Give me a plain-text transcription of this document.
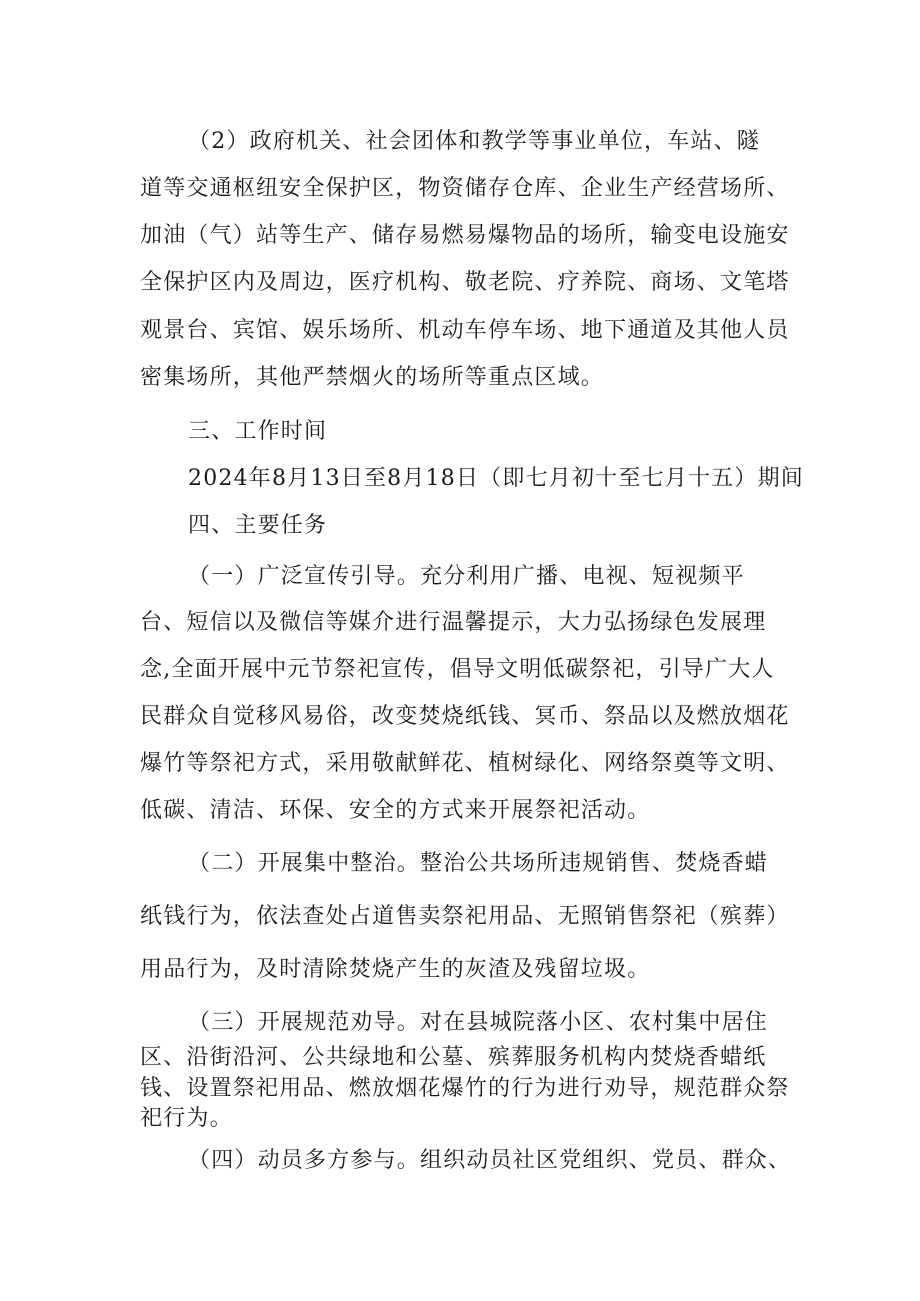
（2）政府机关、社会团体和教学等事业单位，车站、隧
道等交通枢纽安全保护区，物资储存仓库、企业生产经营场所、
加油（气）站等生产、储存易燃易爆物品的场所，输变电设施安
全保护区内及周边，医疗机构、敬老院、疗养院、商场、文笔塔
观景台、宾馆、娱乐场所、机动车停车场、地下通道及其他人员
密集场所，其他严禁烟火的场所等重点区域。
三、工作时间
2024年8月13日至8月18日（即七月初十至七月十五）期间
四、主要任务
（一）广泛宣传引导。充分利用广播、电视、短视频平
台、短信以及微信等媒介进行温馨提示，大力弘扬绿色发展理
念,全面开展中元节祭祀宣传，倡导文明低碳祭祀，引导广大人
民群众自觉移风易俗，改变焚烧纸钱、冥币、祭品以及燃放烟花
爆竹等祭祀方式，采用敬献鲜花、植树绿化、网络祭奠等文明、
低碳、清洁、环保、安全的方式来开展祭祀活动。
（二）开展集中整治。整治公共场所违规销售、焚烧香蜡
纸钱行为，依法查处占道售卖祭祀用品、无照销售祭祀（殡葬）
用品行为，及时清除焚烧产生的灰渣及残留垃圾。
（三）开展规范劝导。对在县城院落小区、农村集中居住
区、沿街沿河、公共绿地和公墓、殡葬服务机构内焚烧香蜡纸
钱、设置祭祀用品、燃放烟花爆竹的行为进行劝导，规范群众祭
祀行为。
（四）动员多方参与。组织动员社区党组织、党员、群众、
